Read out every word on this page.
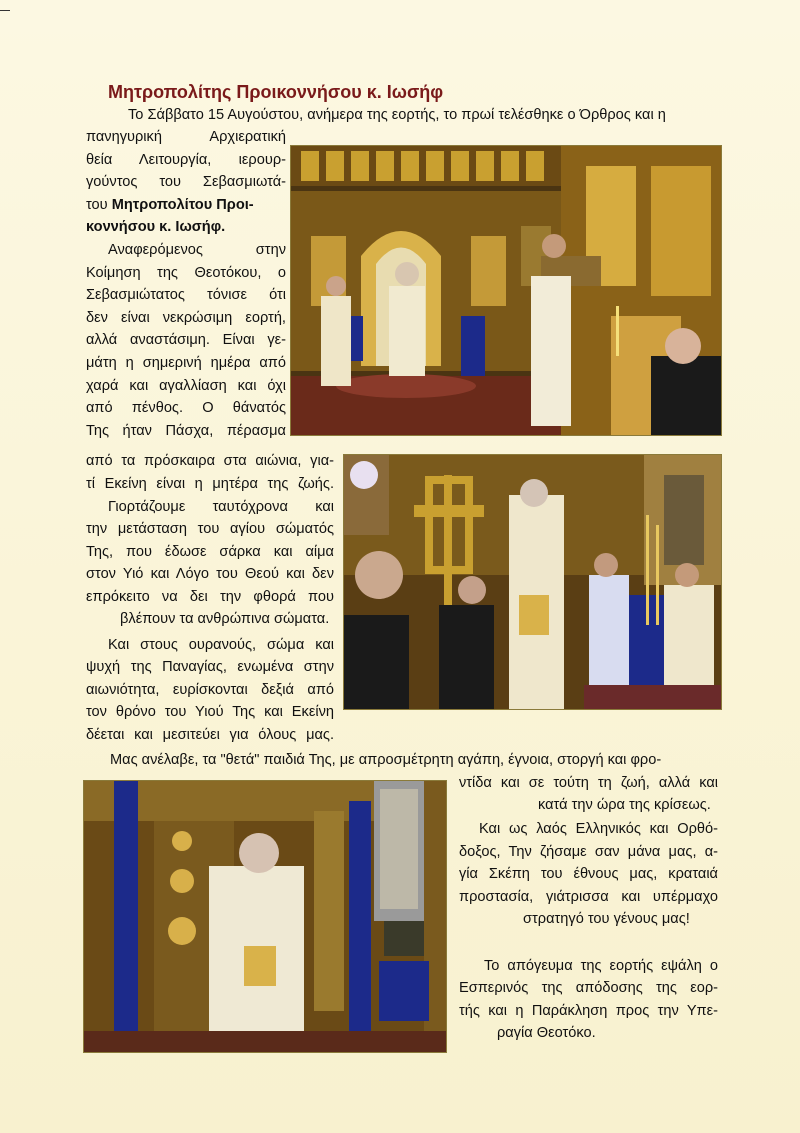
Μητροπολίτης Προικοννήσου κ. Ιωσήφ
Το Σάββατο 15 Αυγούστου, ανήμερα της εορτής, το πρωί τελέσθηκε ο Όρθρος και η
πανηγυρική Αρχιερατική
θεία Λειτουργία, ιερουρ-
γούντος του Σεβασμιωτά-
του Μητροπολίτου Προι-
κοννήσου κ. Ιωσήφ.
Αναφερόμενος στην
Κοίμηση της Θεοτόκου, ο
Σεβασμιώτατος τόνισε ότι
δεν είναι νεκρώσιμη εορτή,
αλλά αναστάσιμη. Είναι γε-
μάτη η σημερινή ημέρα από
χαρά και αγαλλίαση και όχι
από πένθος. Ο θάνατός
Της ήταν Πάσχα, πέρασμα
από τα πρόσκαιρα στα αιώνια, για-
τί Εκείνη είναι η μητέρα της ζωής.
Γιορτάζουμε ταυτόχρονα και
την μετάσταση του αγίου σώματός
Της, που έδωσε σάρκα και αίμα
στον Υιό και Λόγο του Θεού και δεν
επρόκειτο να δει την φθορά που
βλέπουν τα ανθρώπινα σώματα.
Και στους ουρανούς, σώμα και
ψυχή της Παναγίας, ενωμένα στην
αιωνιότητα, ευρίσκονται δεξιά από
τον θρόνο του Υιού Της και Εκείνη
δέεται και μεσιτεύει για όλους μας.
Μας ανέλαβε, τα "θετά" παιδιά Της, με απροσμέτρητη αγάπη, έγνοια, στοργή και φρο-
ντίδα και σε τούτη τη ζωή, αλλά και
κατά την ώρα της κρίσεως.
Και ως λαός Ελληνικός και Ορθό-
δοξος, Την ζήσαμε σαν μάνα μας, α-
γία Σκέπη του έθνους μας, κραταιά
προστασία, γιάτρισσα και υπέρμαχο
στρατηγό του γένους μας!
Το απόγευμα της εορτής εψάλη ο
Εσπερινός της απόδοσης της εορ-
τής και η Παράκληση προς την Υπε-
ραγία Θεοτόκο.
